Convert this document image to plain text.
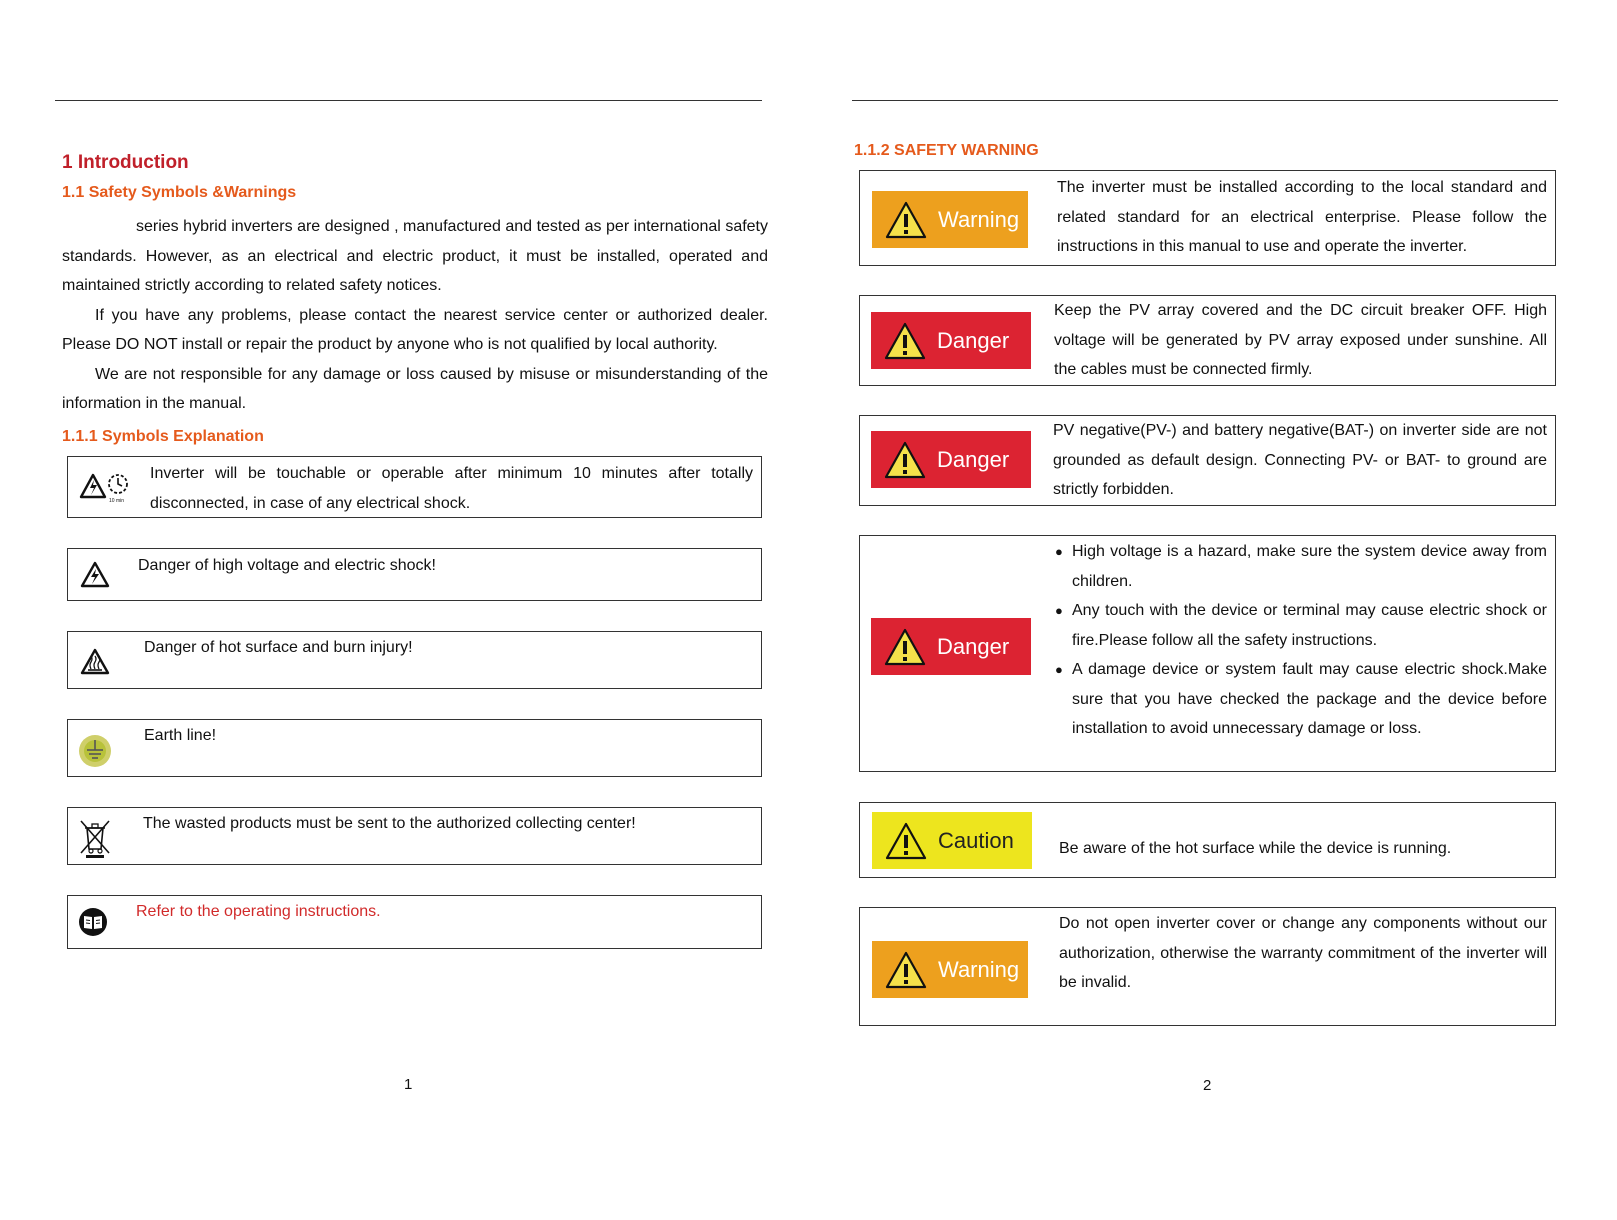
1 Introduction
1.1 Safety Symbols &Warnings

series hybrid inverters are designed , manufactured and tested as per international safety standards. However, as an electrical and electric product, it must be installed, operated and maintained strictly according to related safety notices.

If you have any problems, please contact the nearest service center or authorized dealer. Please DO NOT install or repair the product by anyone who is not qualified by local authority.

We are not responsible for any damage or loss caused by misuse or misunderstanding of the information in the manual.

1.1.1 Symbols Explanation
10 min
Inverter will be touchable or operable after minimum 10 minutes after totally disconnected, in case of any electrical shock.
Danger of high voltage and electric shock!
Danger of hot surface and burn injury!
Earth line!
The wasted products must be sent to the authorized collecting center!
Refer to the operating instructions.
1
1.1.2 SAFETY WARNING
Warning
The inverter must be installed according to the local standard and related standard for an electrical enterprise. Please follow the instructions in this manual to use and operate the inverter.
Danger
Keep the PV array covered and the DC circuit breaker OFF. High voltage will be generated by PV array exposed under sunshine. All the cables must be connected firmly.
Danger
PV negative(PV-) and battery negative(BAT-) on inverter side are not grounded as default design. Connecting PV- or BAT- to ground are strictly forbidden.
Danger
● High voltage is a hazard, make sure the system device away from children.
● Any touch with the device or terminal may cause electric shock or fire.Please follow all the safety instructions.
● A damage device or system fault may cause electric shock.Make sure that you have checked the package and the device before installation to avoid unnecessary damage or loss.
Caution	Be aware of the hot surface while the device is running.
Warning
Do not open inverter cover or change any components without our authorization, otherwise the warranty commitment of the inverter will be invalid.
2
